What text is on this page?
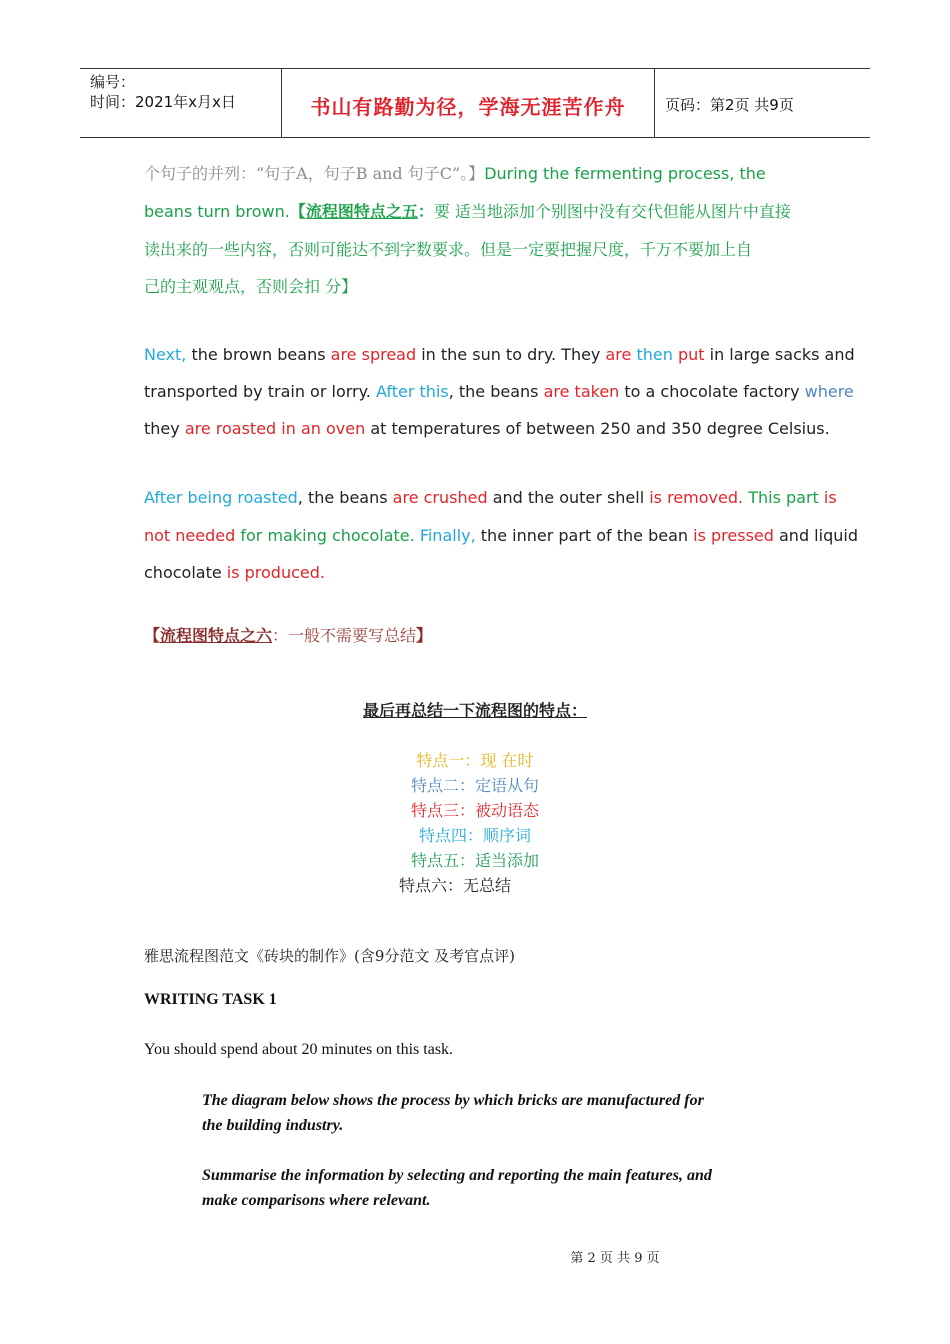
编号：
时间：2021年x月x日	书山有路勤为径，学海无涯苦作舟	页码：第2页 共9页
个句子的并列：“句子A，句子B and 句子C”。】During the fermenting process, the
beans turn brown.【流程图特点之五：要 适当地添加个别图中没有交代但能从图片中直接
读出来的一些内容，否则可能达不到字数要求。但是一定要把握尺度，千万不要加上自
己的主观观点，否则会扣 分】
Next, the brown beans are spread in the sun to dry. They are then put in large sacks and
transported by train or lorry. After this, the beans are taken to a chocolate factory where
they are roasted in an oven at temperatures of between 250 and 350 degree Celsius.
After being roasted, the beans are crushed and the outer shell is removed. This part is
not needed for making chocolate. Finally, the inner part of the bean is pressed and liquid
chocolate is produced.
【流程图特点之六：一般不需要写总结】
最后再总结一下流程图的特点：
特点一：现 在时
特点二：定语从句
特点三：被动语态
特点四：顺序词
特点五：适当添加
特点六：无总结
雅思流程图范文《砖块的制作》(含9分范文 及考官点评)
WRITING TASK 1
You should spend about 20 minutes on this task.
The diagram below shows the process by which bricks are manufactured for
the building industry.
Summarise the information by selecting and reporting the main features, and
make comparisons where relevant.
第 2 页 共 9 页
